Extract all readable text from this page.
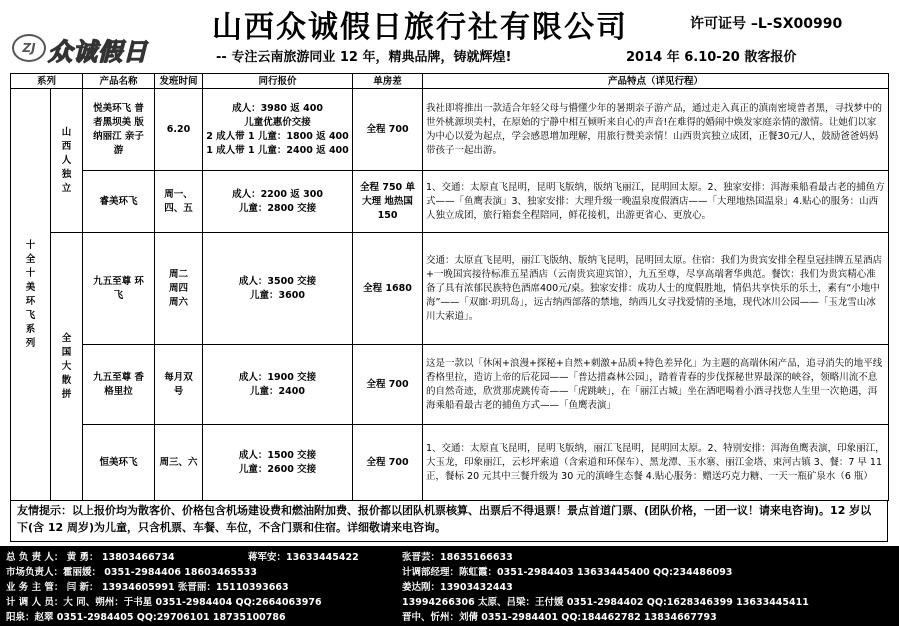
ZJ 众诚假日
山西众诚假日旅行社有限公司	许可证号 –L-SX00990
-- 专注云南旅游同业 12 年，精典品牌，铸就辉煌!	2014 年 6.10-20 散客报价
系列		产品名称	发班时间	同行报价	单房差	产品特点（详见行程）

十全十美环飞系列	山西人独立	悦美环飞 普者黑坝美 版纳丽江 亲子游	6.20	成人：3980 返 400
儿童优惠价交接
2 成人带 1 儿童：1800 返 400
1 成人带 1 儿童：2400 返 400	全程 700	我社即将推出一款适合年轻父母与懵懂少年的暑期亲子游产品，通过走入真正的滇南密境普者黑，寻找梦中的世外桃源坝美村，在原始的宁静中相互倾听来自心的声音!在难得的婚闹中焕发家庭亲情的激情。让她们以家为中心以爱为起点，学会感恩增加理解，用旅行赞美亲情！山西贵宾独立成团，正餐30元/人，鼓励爸爸妈妈带孩子一起出游。
		睿美环飞	周一、四、五	成人：2200 返 300
儿童：2800 交接	全程 750 单大理 地热国 150	1、交通：太原直飞昆明，昆明飞版纳，版纳飞丽江，昆明回太原。2、独家安排：洱海乘船看最古老的捕鱼方式——「鱼鹰表演」3、独家安排：大理升级一晚温泉度假酒店——「大理地热国温泉」4.贴心的服务：山西人独立成团，旅行箱套全程陪同，鲜花接机，出游更省心、更放心。

	全国大散拼	九五至尊 环飞	周二 周四 周六	成人：3500 交接
儿童：3600	全程 1680	交通：太原直飞昆明，丽江飞版纳、版纳飞昆明，昆明回太原。住宿：我们为贵宾安排全程皇冠挂牌五星酒店+一晚国宾接待标准五星酒店（云南贵宾迎宾馆），九五至尊，尽享高端奢华典范。餐饮：我们为贵宾精心准备了具有浓郁民族特色酒席400元/桌。独家安排：成功人士的度假胜地，情侣共享快乐的乐土，素有“小地中海”——「双廊·玥玑岛」，远古纳西部落的禁地，纳西儿女寻找爱情的圣地，现代冰川公园——「玉龙雪山冰川大索道」。
		九五至尊 香格里拉	每月双号	成人：1900 交接
儿童：2400	全程 700	这是一款以「休闲+浪漫+探秘+自然+刺激+品质+特色差异化」为主题的高端休闲产品，追寻消失的地平线香格里拉，造访上帝的后花园——「普达措森林公园」，踏着青春的步伐探秘世界最深的峡谷，领略川流不息的自然奇迹，欣赏那虎跳传奇——「虎跳峡」，在「丽江古城」坐在酒吧喝着小酒寻找您人生里一次艳遇，洱海乘船看最古老的捕鱼方式——「鱼鹰表演」
		恒美环飞	周三、六	成人：1500 交接
儿童：2600 交接	全程 700	1、交通：太原直飞昆明，昆明飞版纳，丽江飞昆明，昆明回太原。2、特别安排：洱海鱼鹰表演，印象丽江，大玉龙，印象丽江，云杉坪索道（含索道和环保车）、黑龙潭、玉水寨、丽江金塔、束河古镇 3、餐：7 早 11 正，餐标 20 元其中三餐升级为 30 元的滇峰生态餐 4.贴心服务：赠送巧克力糖、一天一瓶矿泉水（6 瓶）
友情提示：以上报价均为散客价、价格包含机场建设费和燃油附加费、报价都以团队机票核算、出票后不得退票！景点首道门票、(团队价格，一团一议！请来电咨询)。12 岁以下(含 12 周岁)为儿童，只含机票、车餐、车位，不含门票和住宿。详细敬请来电咨询。
总 负 责 人： 黄 勇： 13803466734	蒋军安：13633445422	张晋芸：18635166633
市场负责人：霍丽媛： 0351-2984406 18603465533	计调部经理：陈虹霞：0351-2984403 13633445400 QQ:234486093
业 务 主 管： 闫 新： 13934605991 张晋丽：15110393663	姜达刚：13903432443
计 调 人 员：大 同、朔州：于书星 0351-2984404 QQ:2664063976	13994266306 太原、吕梁：王付媛 0351-2984402 QQ:1628346399 13633445411
阳泉：赵翠 0351-2984405 QQ:29706101 18735100786	晋中、忻州：刘倩 0351-2984401 QQ:184462782 13834667793
